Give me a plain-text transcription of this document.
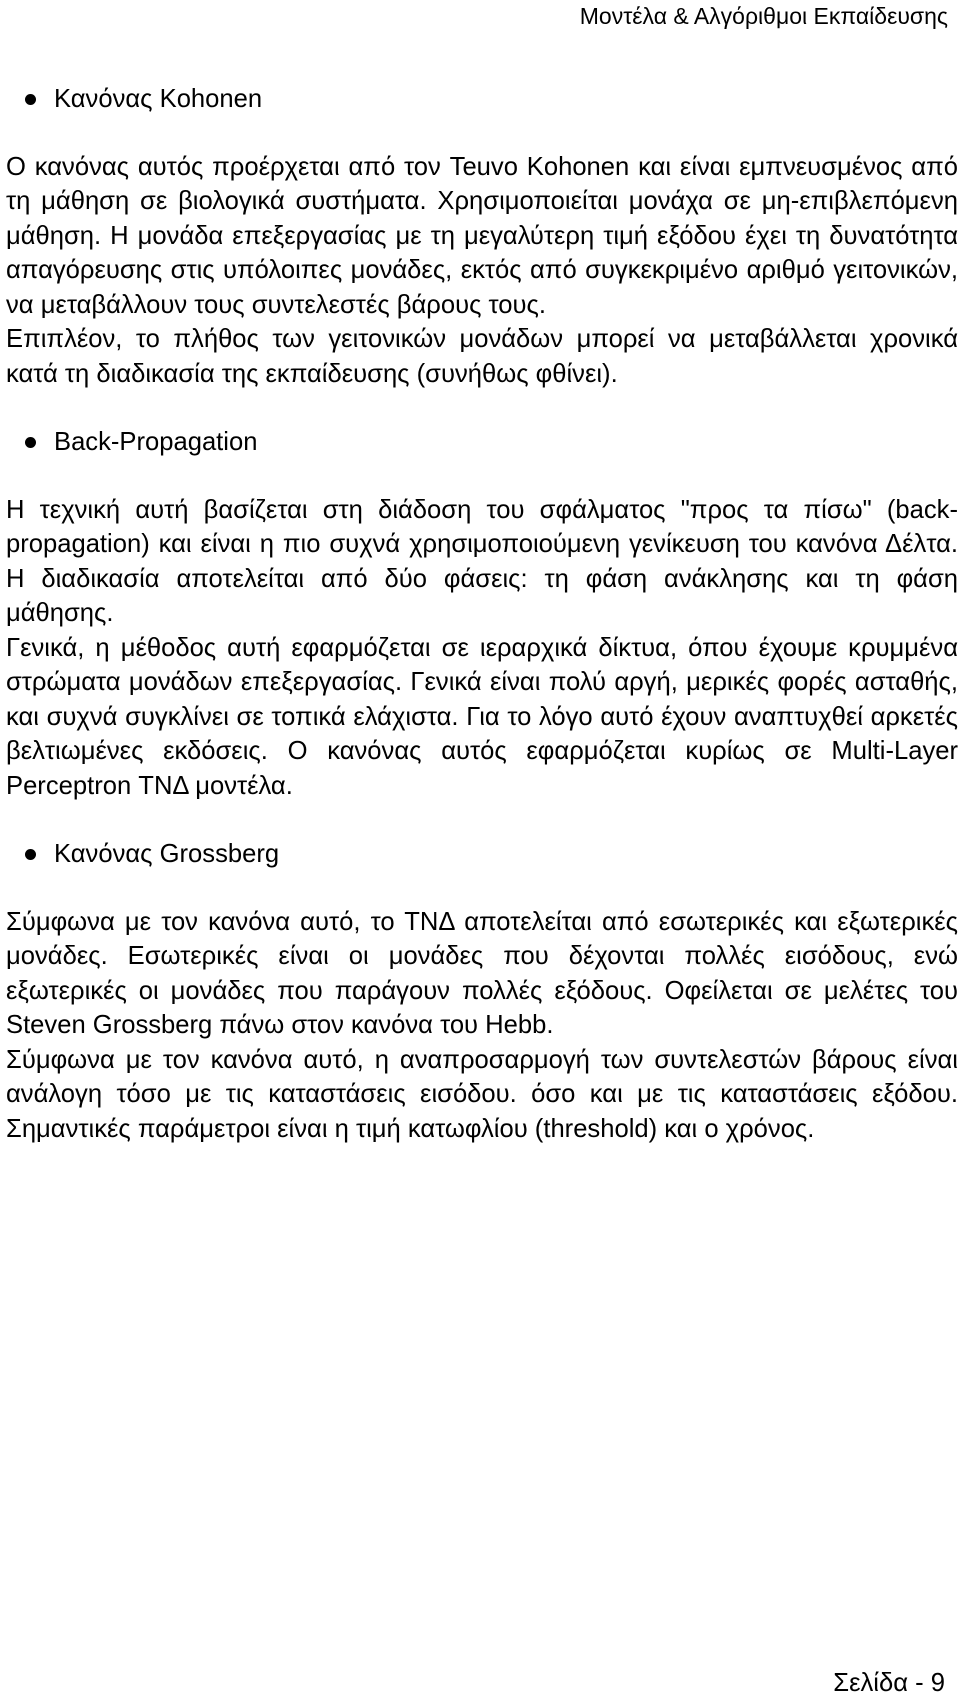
Μοντέλα & Αλγόριθμοι Εκπαίδευσης
Κανόνας Kohonen

Ο κανόνας αυτός προέρχεται από τον Teuvo Kohonen και είναι εμπνευσμένος από τη μάθηση σε βιολογικά συστήματα. Χρησιμοποιείται μονάχα σε μη-επιβλεπόμενη μάθηση. Η μονάδα επεξεργασίας με τη μεγαλύτερη τιμή εξόδου έχει τη δυνατότητα απαγόρευσης στις υπόλοιπες μονάδες, εκτός από συγκεκριμένο αριθμό γειτονικών, να μεταβάλλουν τους συντελεστές βάρους τους.

Επιπλέον, το πλήθος των γειτονικών μονάδων μπορεί να μεταβάλλεται χρονικά κατά τη διαδικασία της εκπαίδευσης (συνήθως φθίνει).

Back-Propagation

Η τεχνική αυτή βασίζεται στη διάδοση του σφάλματος "προς τα πίσω" (back-propagation) και είναι η πιο συχνά χρησιμοποιούμενη γενίκευση του κανόνα Δέλτα. Η διαδικασία αποτελείται από δύο φάσεις: τη φάση ανάκλησης και τη φάση μάθησης.

Γενικά, η μέθοδος αυτή εφαρμόζεται σε ιεραρχικά δίκτυα, όπου έχουμε κρυμμένα στρώματα μονάδων επεξεργασίας. Γενικά είναι πολύ αργή, μερικές φορές ασταθής, και συχνά συγκλίνει σε τοπικά ελάχιστα. Για το λόγο αυτό έχουν αναπτυχθεί αρκετές βελτιωμένες εκδόσεις. Ο κανόνας αυτός εφαρμόζεται κυρίως σε Multi-Layer Perceptron ΤΝΔ μοντέλα.

Κανόνας Grossberg

Σύμφωνα με τον κανόνα αυτό, το ΤΝΔ αποτελείται από εσωτερικές και εξωτερικές μονάδες. Εσωτερικές είναι οι μονάδες που δέχονται πολλές εισόδους, ενώ εξωτερικές οι μονάδες που παράγουν πολλές εξόδους. Οφείλεται σε μελέτες του Steven Grossberg πάνω στον κανόνα του Hebb.

Σύμφωνα με τον κανόνα αυτό, η αναπροσαρμογή των συντελεστών βάρους είναι ανάλογη τόσο με τις καταστάσεις εισόδου. όσο και με τις καταστάσεις εξόδου. Σημαντικές παράμετροι είναι η τιμή κατωφλίου (threshold) και ο χρόνος.

Σελίδα - 9
